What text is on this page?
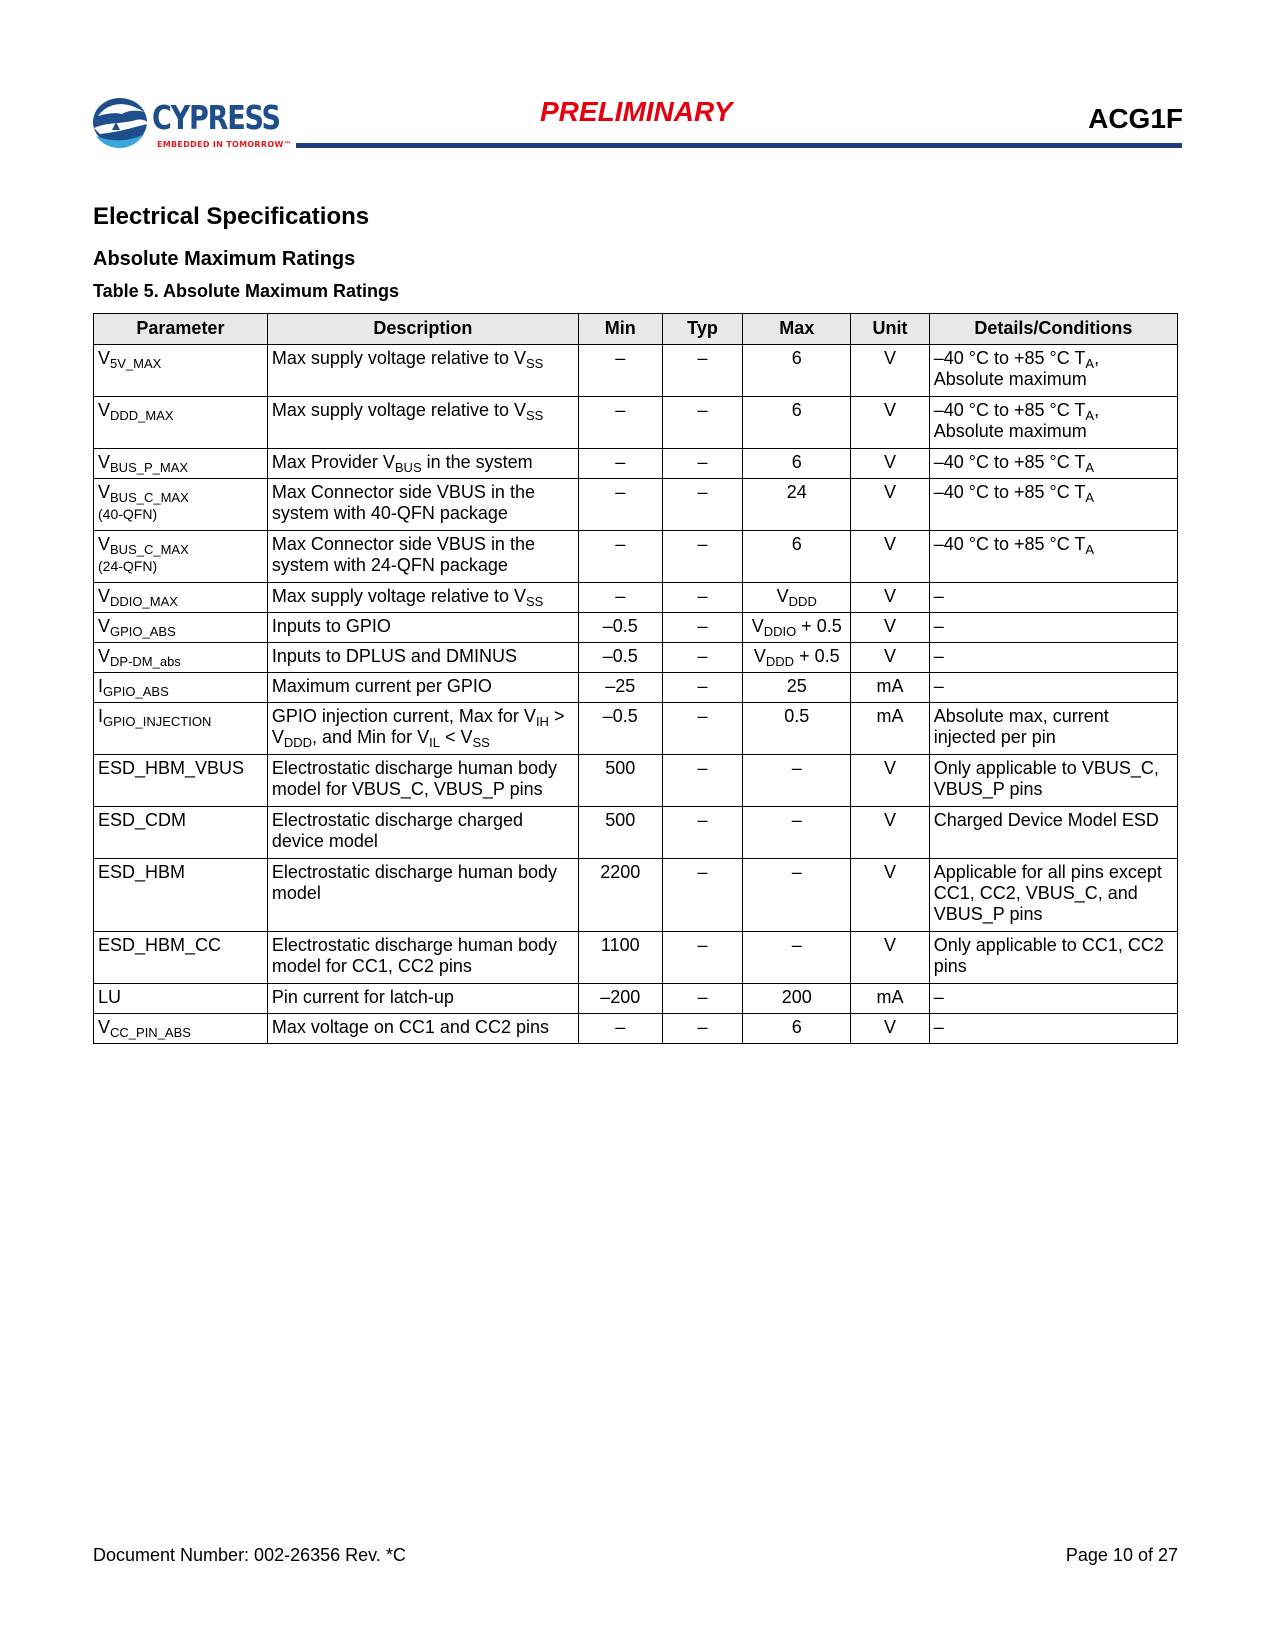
CYPRESS
EMBEDDED IN TOMORROW™
PRELIMINARY	ACG1F
Electrical Specifications
Absolute Maximum Ratings
Table 5. Absolute Maximum Ratings
Parameter	Description	Min	Typ	Max	Unit	Details/Conditions
$V_{5V\_MAX}$	Max supply voltage relative to $V_{SS}$	–	–	6	V	–40 °C to +85 °C $T_A$, Absolute maximum
$V_{DDD\_MAX}$	Max supply voltage relative to $V_{SS}$	–	–	6	V	–40 °C to +85 °C $T_A$, Absolute maximum
$V_{BUS\_P\_MAX}$	Max Provider $V_{BUS}$ in the system	–	–	6	V	–40 °C to +85 °C $T_A$
$V_{BUS\_C\_MAX}$
(40-QFN)	Max Connector side VBUS in the system with 40-QFN package	–	–	24	V	–40 °C to +85 °C $T_A$
$V_{BUS\_C\_MAX}$
(24-QFN)	Max Connector side VBUS in the system with 24-QFN package	–	–	6	V	–40 °C to +85 °C $T_A$
$V_{DDIO\_MAX}$	Max supply voltage relative to $V_{SS}$	–	–	$V_{DDD}$	V	–
$V_{GPIO\_ABS}$	Inputs to GPIO	–0.5	–	$V_{DDIO} + 0.5$	V	–
$V_{DP-DM\_abs}$	Inputs to DPLUS and DMINUS	–0.5	–	$V_{DDD} + 0.5$	V	–
$I_{GPIO\_ABS}$	Maximum current per GPIO	–25	–	25	mA	–
$I_{GPIO\_INJECTION}$	GPIO injection current, Max for $V_{IH} > V_{DDD}$, and Min for $V_{IL} < V_{SS}$	–0.5	–	0.5	mA	Absolute max, current injected per pin
ESD_HBM_VBUS	Electrostatic discharge human body model for VBUS_C, VBUS_P pins	500	–	–	V	Only applicable to VBUS_C, VBUS_P pins
ESD_CDM	Electrostatic discharge charged device model	500	–	–	V	Charged Device Model ESD
ESD_HBM	Electrostatic discharge human body model	2200	–	–	V	Applicable for all pins except CC1, CC2, VBUS_C, and VBUS_P pins
ESD_HBM_CC	Electrostatic discharge human body model for CC1, CC2 pins	1100	–	–	V	Only applicable to CC1, CC2 pins
LU	Pin current for latch-up	–200	–	200	mA	–
$V_{CC\_PIN\_ABS}$	Max voltage on CC1 and CC2 pins	–	–	6	V	–
Document Number: 002-26356 Rev. *C	Page 10 of 27
